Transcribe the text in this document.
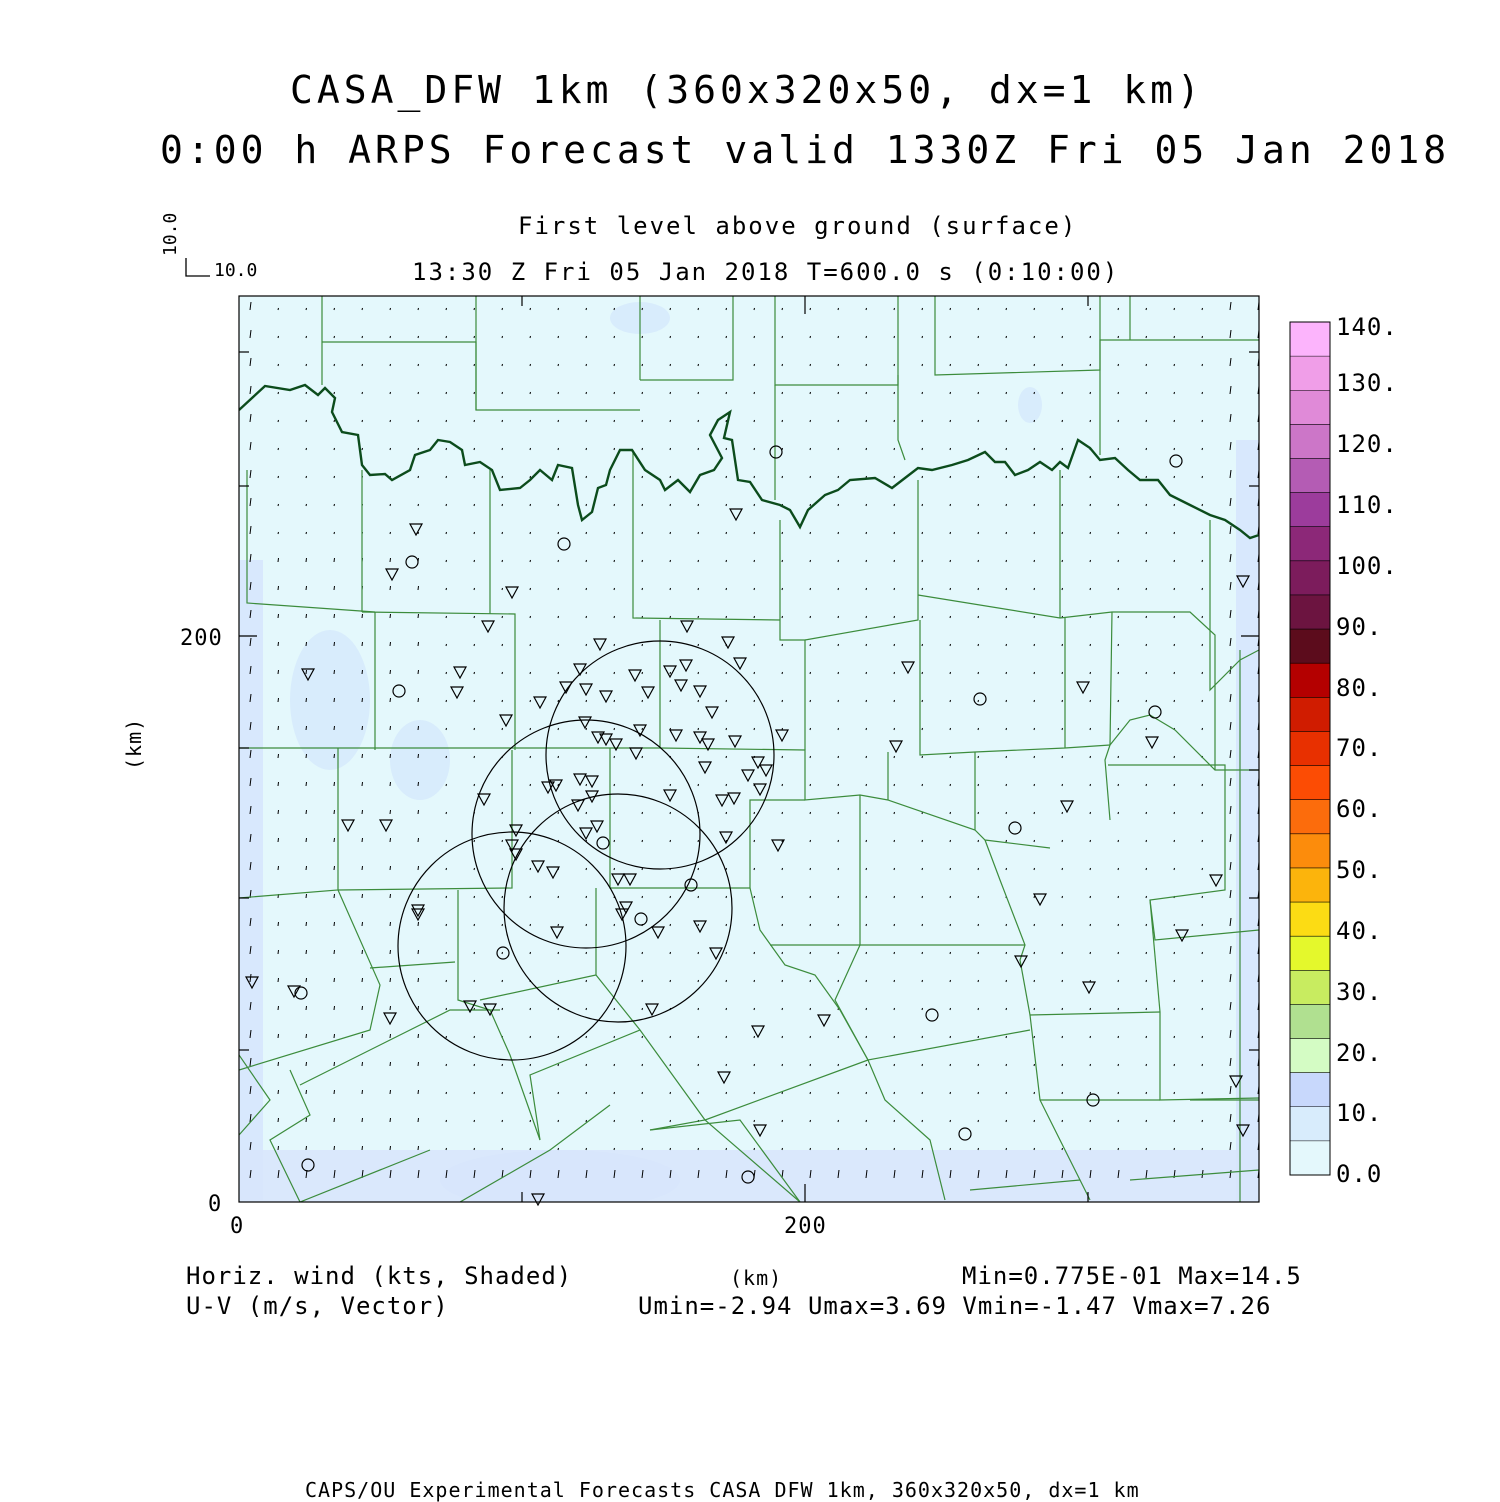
CASA_DFW 1km (360x320x50, dx=1 km)
0:00 h ARPS Forecast valid 1330Z Fri 05 Jan 2018
First level above ground (surface)
13:30 Z Fri 05 Jan 2018 T=600.0 s (0:10:00)
10.0
10.0
(km)
200
0
0	200
140.
130.
120.
110.
100.
90.
80.
70.
60.
50.
40.
30.
20.
10.
0.0
Horiz. wind (kts, Shaded)
U-V (m/s, Vector)
(km)	Min=0.775E-01 Max=14.5
Umin=-2.94 Umax=3.69 Vmin=-1.47 Vmax=7.26
CAPS/OU Experimental Forecasts CASA DFW 1km, 360x320x50, dx=1 km
